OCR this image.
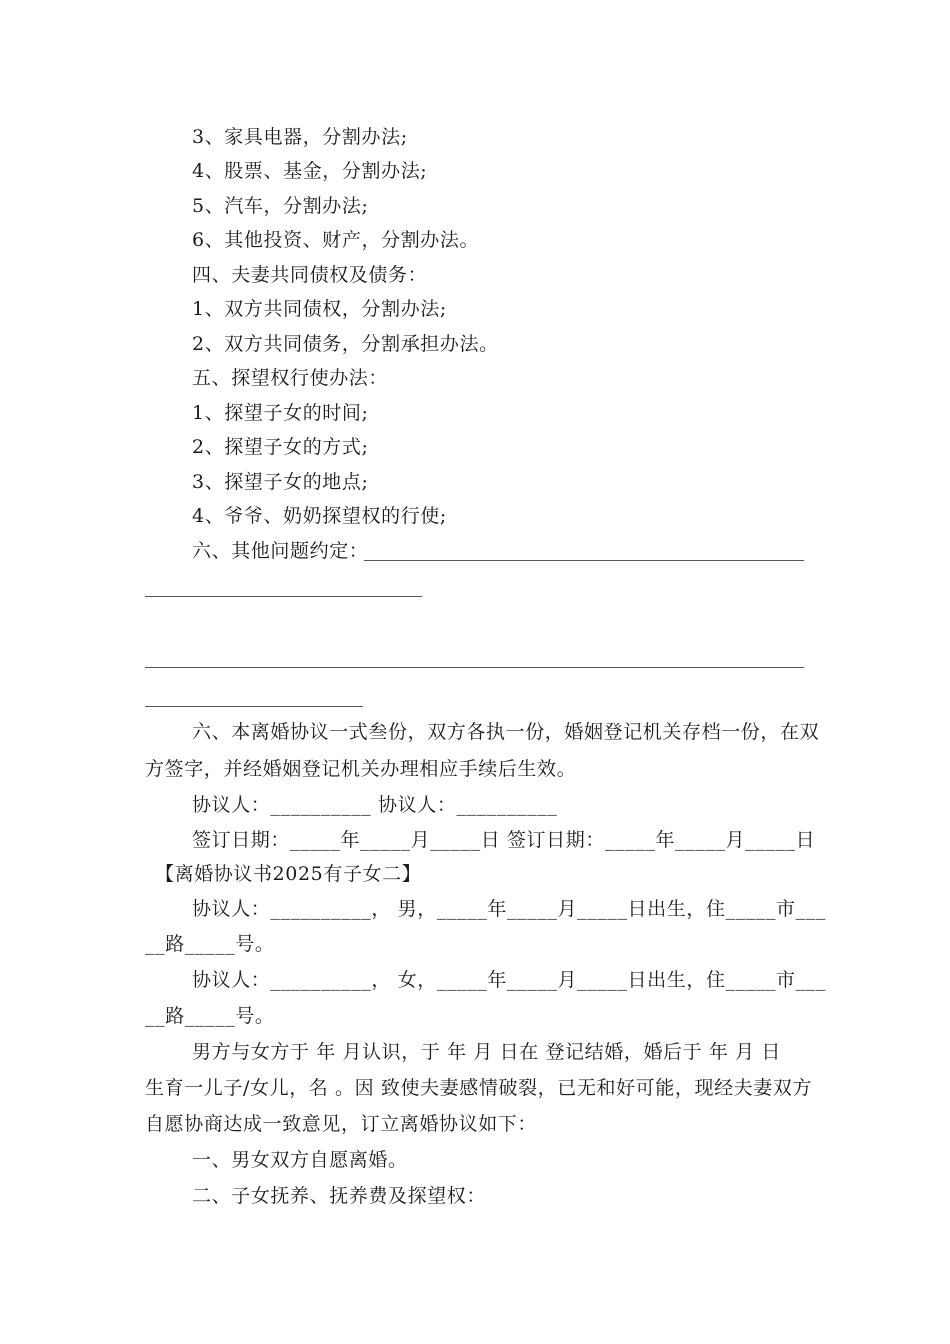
3、家具电器，分割办法;
4、股票、基金，分割办法;
5、汽车，分割办法;
6、其他投资、财产，分割办法。
四、夫妻共同债权及债务：
1、双方共同债权，分割办法;
2、双方共同债务，分割承担办法。
五、探望权行使办法：
1、探望子女的时间;
2、探望子女的方式;
3、探望子女的地点;
4、爷爷、奶奶探望权的行使;
六、其他问题约定：
六、本离婚协议一式叁份，双方各执一份，婚姻登记机关存档一份，在双
方签字，并经婚姻登记机关办理相应手续后生效。
协议人：__________ 协议人：__________
签订日期：_____年_____月_____日 签订日期：_____年_____月_____日
【离婚协议书2025有子女二】
协议人：__________， 男，_____年_____月_____日出生，住_____市___
__路_____号。
协议人：__________， 女，_____年_____月_____日出生，住_____市___
__路_____号。
男方与女方于 年 月认识，于 年 月 日在 登记结婚，婚后于 年 月 日
生育一儿子/女儿，名 。因 致使夫妻感情破裂，已无和好可能，现经夫妻双方
自愿协商达成一致意见，订立离婚协议如下：
一、男女双方自愿离婚。
二、子女抚养、抚养费及探望权：
